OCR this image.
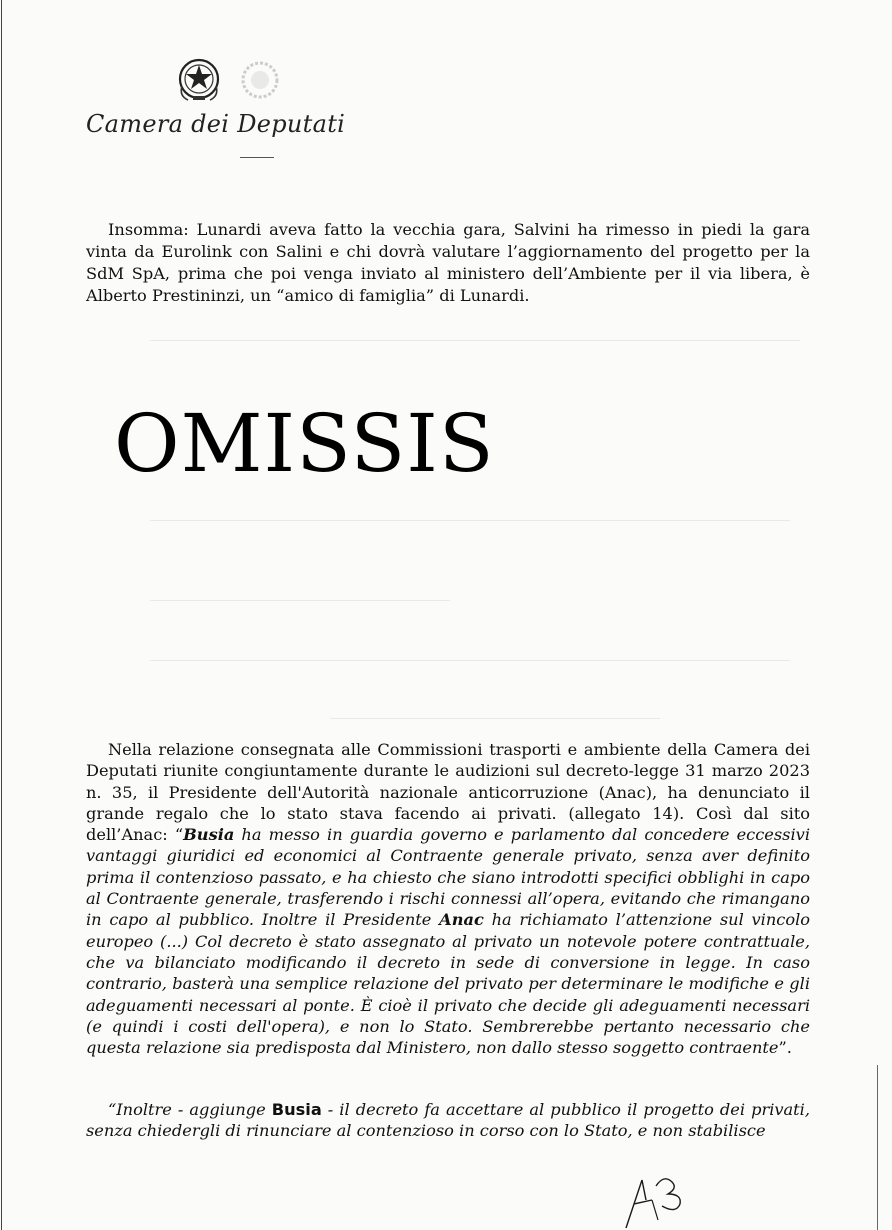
Camera dei Deputati

Insomma: Lunardi aveva fatto la vecchia gara, Salvini ha rimesso in piedi la gara vinta da Eurolink con Salini e chi dovrà valutare l’aggiornamento del progetto per la SdM SpA, prima che poi venga inviato al ministero dell’Ambiente per il via libera, è Alberto Prestininzi, un “amico di famiglia” di Lunardi.

OMISSIS

Nella relazione consegnata alle Commissioni trasporti e ambiente della Camera dei Deputati riunite congiuntamente durante le audizioni sul decreto-legge 31 marzo 2023 n. 35, il Presidente dell'Autorità nazionale anticorruzione (Anac), ha denunciato il grande regalo che lo stato stava facendo ai privati. (allegato 14). Così dal sito dell’Anac: “Busia ha messo in guardia governo e parlamento dal concedere eccessivi vantaggi giuridici ed economici al Contraente generale privato, senza aver definito prima il contenzioso passato, e ha chiesto che siano introdotti specifici obblighi in capo al Contraente generale, trasferendo i rischi connessi all’opera, evitando che rimangano in capo al pubblico. Inoltre il Presidente Anac ha richiamato l’attenzione sul vincolo europeo (...) Col decreto è stato assegnato al privato un notevole potere contrattuale, che va bilanciato modificando il decreto in sede di conversione in legge. In caso contrario, basterà una semplice relazione del privato per determinare le modifiche e gli adeguamenti necessari al ponte. È cioè il privato che decide gli adeguamenti necessari (e quindi i costi dell'opera), e non lo Stato. Sembrerebbe pertanto necessario che questa relazione sia predisposta dal Ministero, non dallo stesso soggetto contraente”.

“Inoltre - aggiunge Busia - il decreto fa accettare al pubblico il progetto dei privati, senza chiedergli di rinunciare al contenzioso in corso con lo Stato, e non stabilisce
